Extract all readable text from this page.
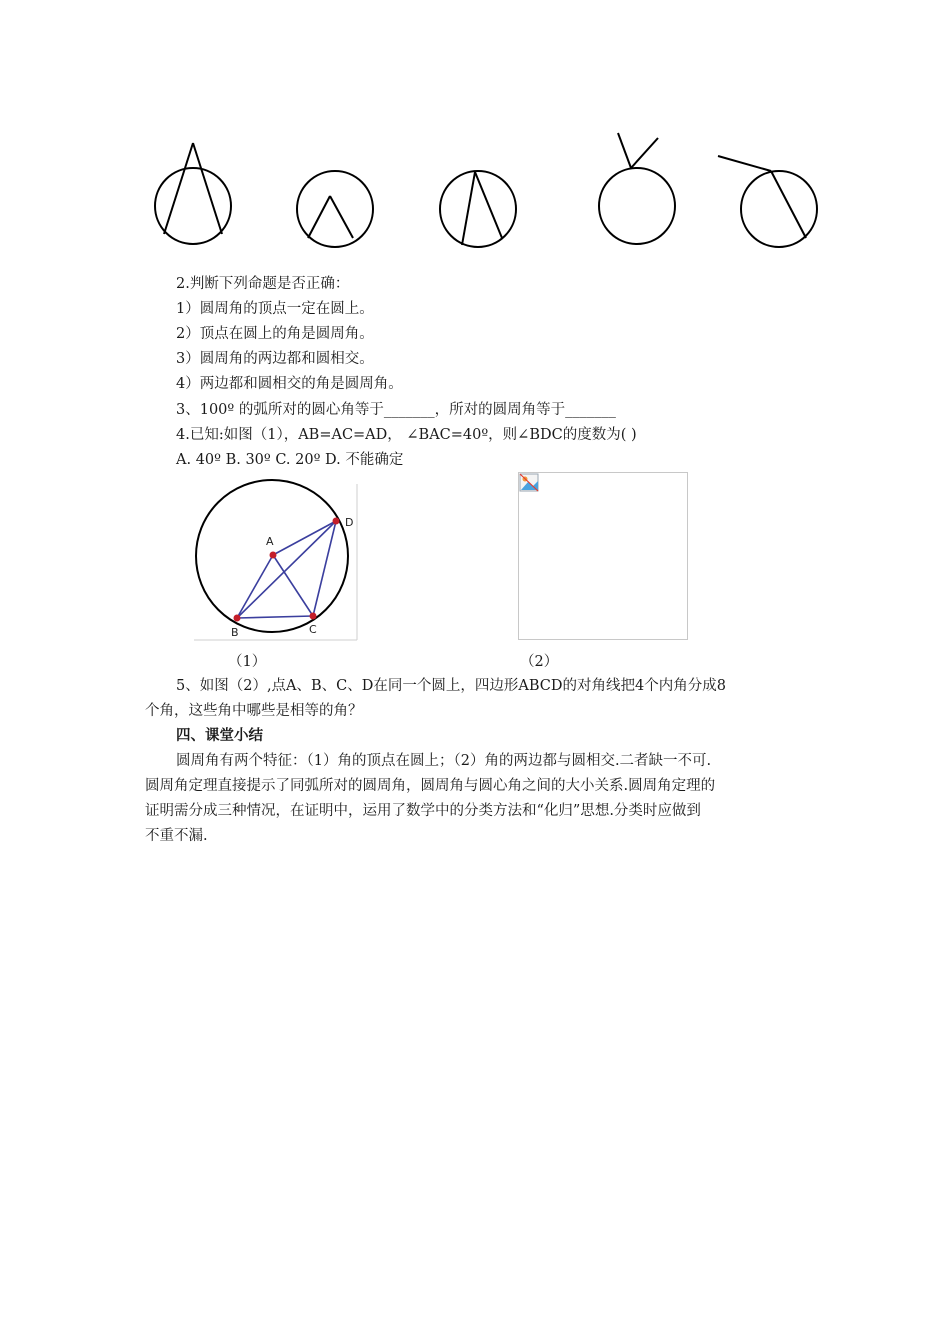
2.判断下列命题是否正确：
1）圆周角的顶点一定在圆上。
2）顶点在圆上的角是圆周角。
3）圆周角的两边都和圆相交。
4）两边都和圆相交的角是圆周角。
3、100º 的弧所对的圆心角等于_______，所对的圆周角等于_______
4.已知:如图（1），AB=AC=AD， ∠BAC=40º，则∠BDC的度数为( )
A. 40º B. 30º C. 20º D. 不能确定
A
B	C
D
（1）	（2）
5、如图（2）,点A、B、C、D在同一个圆上，四边形ABCD的对角线把4个内角分成8
个角，这些角中哪些是相等的角？
四、课堂小结
圆周角有两个特征：（1）角的顶点在圆上；（2）角的两边都与圆相交.二者缺一不可.
圆周角定理直接提示了同弧所对的圆周角，圆周角与圆心角之间的大小关系.圆周角定理的
证明需分成三种情况，在证明中，运用了数学中的分类方法和“化归”思想.分类时应做到
不重不漏.
